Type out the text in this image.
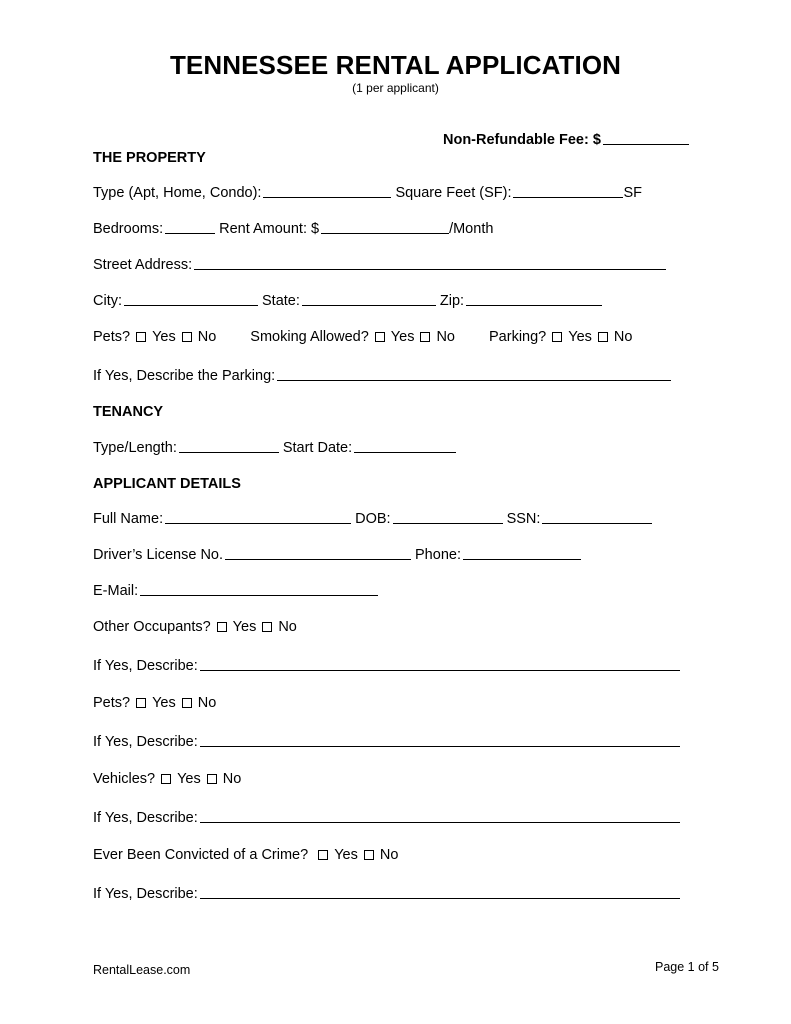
TENNESSEE RENTAL APPLICATION
(1 per applicant)
Non-Refundable Fee: $
THE PROPERTY
Type (Apt, Home, Condo):	Square Feet (SF):	SF
Bedrooms:	Rent Amount: $	/Month
Street Address:
City:	State:	Zip:
Pets? Yes No Smoking Allowed? Yes No Parking? Yes No
If Yes, Describe the Parking:
TENANCY
Type/Length:	Start Date:
APPLICANT DETAILS
Full Name:	DOB:	SSN:
Driver’s License No.	Phone:
E-Mail:
Other Occupants? Yes No
If Yes, Describe:
Pets? Yes No
If Yes, Describe:
Vehicles? Yes No
If Yes, Describe:
Ever Been Convicted of a Crime? Yes No
If Yes, Describe:
RentalLease.com	Page 1 of 5
